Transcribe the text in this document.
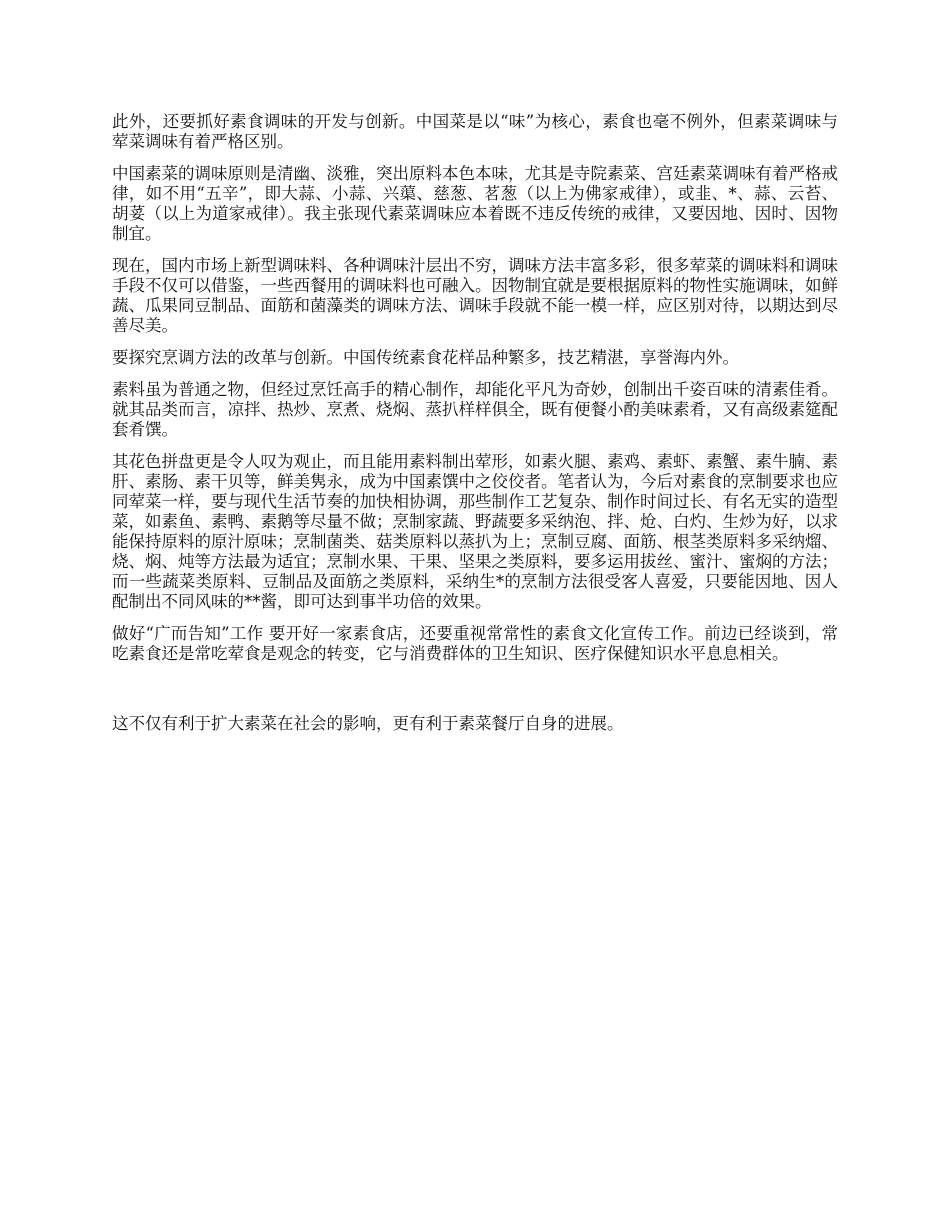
此外，还要抓好素食调味的开发与创新。中国菜是以“味”为核心，素食也毫不例外，但素菜调味与荤菜调味有着严格区别。

中国素菜的调味原则是清幽、淡雅，突出原料本色本味，尤其是寺院素菜、宫廷素菜调味有着严格戒律，如不用“五辛”，即大蒜、小蒜、兴蕖、慈葱、茗葱（以上为佛家戒律），或韭、*、蒜、云苔、胡荽（以上为道家戒律）。我主张现代素菜调味应本着既不违反传统的戒律，又要因地、因时、因物制宜。

现在，国内市场上新型调味料、各种调味汁层出不穷，调味方法丰富多彩，很多荤菜的调味料和调味手段不仅可以借鉴，一些西餐用的调味料也可融入。因物制宜就是要根据原料的物性实施调味，如鲜蔬、瓜果同豆制品、面筋和菌藻类的调味方法、调味手段就不能一模一样，应区别对待，以期达到尽善尽美。

要探究烹调方法的改革与创新。中国传统素食花样品种繁多，技艺精湛，享誉海内外。

素料虽为普通之物，但经过烹饪高手的精心制作，却能化平凡为奇妙，创制出千姿百味的清素佳肴。就其品类而言，凉拌、热炒、烹煮、烧焖、蒸扒样样俱全，既有便餐小酌美味素肴，又有高级素筵配套肴馔。

其花色拼盘更是令人叹为观止，而且能用素料制出荤形，如素火腿、素鸡、素虾、素蟹、素牛腩、素肝、素肠、素干贝等，鲜美隽永，成为中国素馔中之佼佼者。笔者认为，今后对素食的烹制要求也应同荤菜一样，要与现代生活节奏的加快相协调，那些制作工艺复杂、制作时间过长、有名无实的造型菜，如素鱼、素鸭、素鹅等尽量不做；烹制家蔬、野蔬要多采纳泡、拌、炝、白灼、生炒为好，以求能保持原料的原汁原味；烹制菌类、菇类原料以蒸扒为上；烹制豆腐、面筋、根茎类原料多采纳熘、烧、焖、炖等方法最为适宜；烹制水果、干果、坚果之类原料，要多运用拔丝、蜜汁、蜜焖的方法；而一些蔬菜类原料、豆制品及面筋之类原料，采纳生*的烹制方法很受客人喜爱，只要能因地、因人配制出不同风味的**酱，即可达到事半功倍的效果。

做好“广而告知”工作 要开好一家素食店，还要重视常常性的素食文化宣传工作。前边已经谈到，常吃素食还是常吃荤食是观念的转变，它与消费群体的卫生知识、医疗保健知识水平息息相关。

这不仅有利于扩大素菜在社会的影响，更有利于素菜餐厅自身的进展。
